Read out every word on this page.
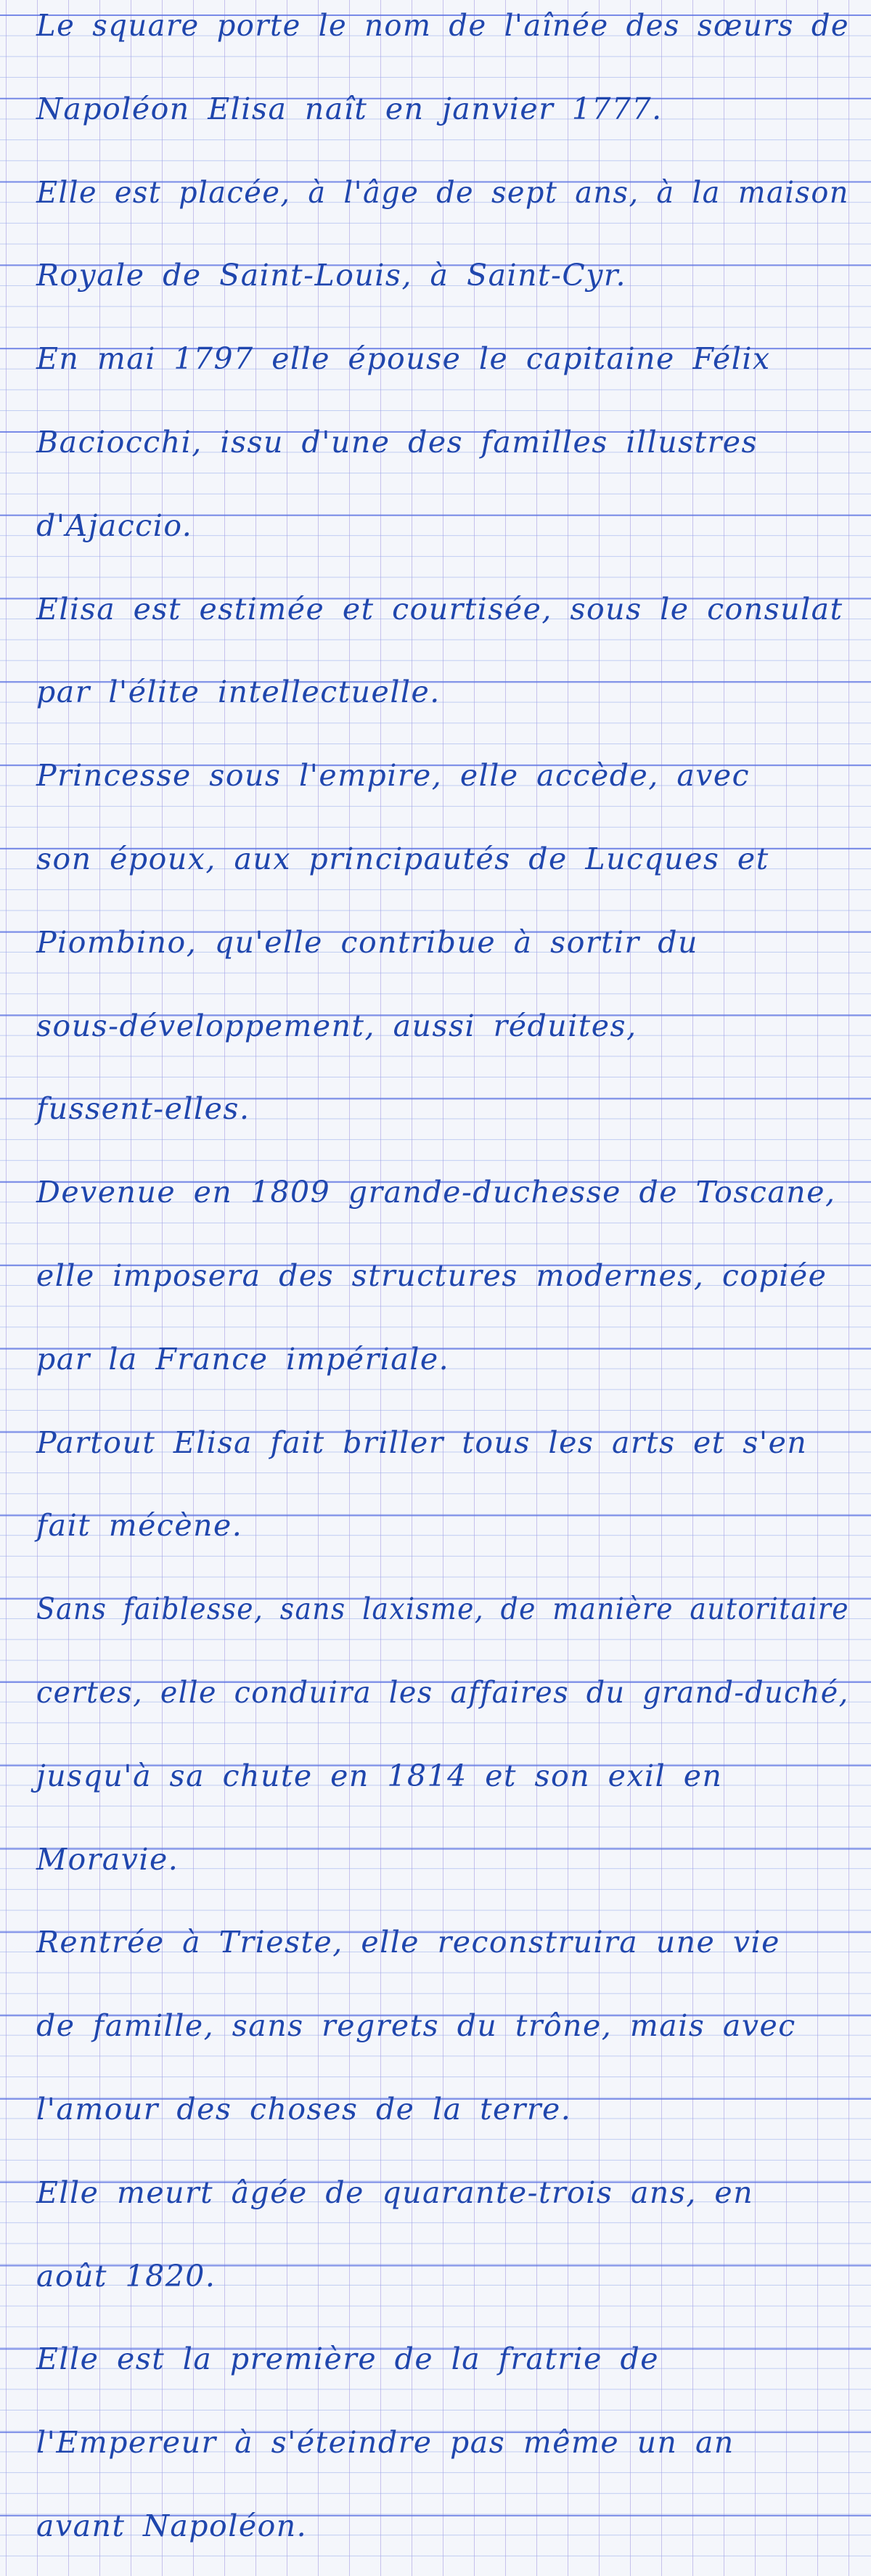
Le square porte le nom de l'aînée des sœurs de
Napoléon Elisa naît en janvier 1777.
Elle est placée, à l'âge de sept ans, à la maison
Royale de Saint-Louis, à Saint-Cyr.
En mai 1797 elle épouse le capitaine Félix
Baciocchi, issu d'une des familles illustres
d'Ajaccio.
Elisa est estimée et courtisée, sous le consulat
par l'élite intellectuelle.
Princesse sous l'empire, elle accède, avec
son époux, aux principautés de Lucques et
Piombino, qu'elle contribue à sortir du
sous-développement, aussi réduites,
fussent-elles.
Devenue en 1809 grande-duchesse de Toscane,
elle imposera des structures modernes, copiée
par la France impériale.
Partout Elisa fait briller tous les arts et s'en
fait mécène.
Sans faiblesse, sans laxisme, de manière autoritaire
certes, elle conduira les affaires du grand-duché,
jusqu'à sa chute en 1814 et son exil en
Moravie.
Rentrée à Trieste, elle reconstruira une vie
de famille, sans regrets du trône, mais avec
l'amour des choses de la terre.
Elle meurt âgée de quarante-trois ans, en
août 1820.
Elle est la première de la fratrie de
l'Empereur à s'éteindre pas même un an
avant Napoléon.
